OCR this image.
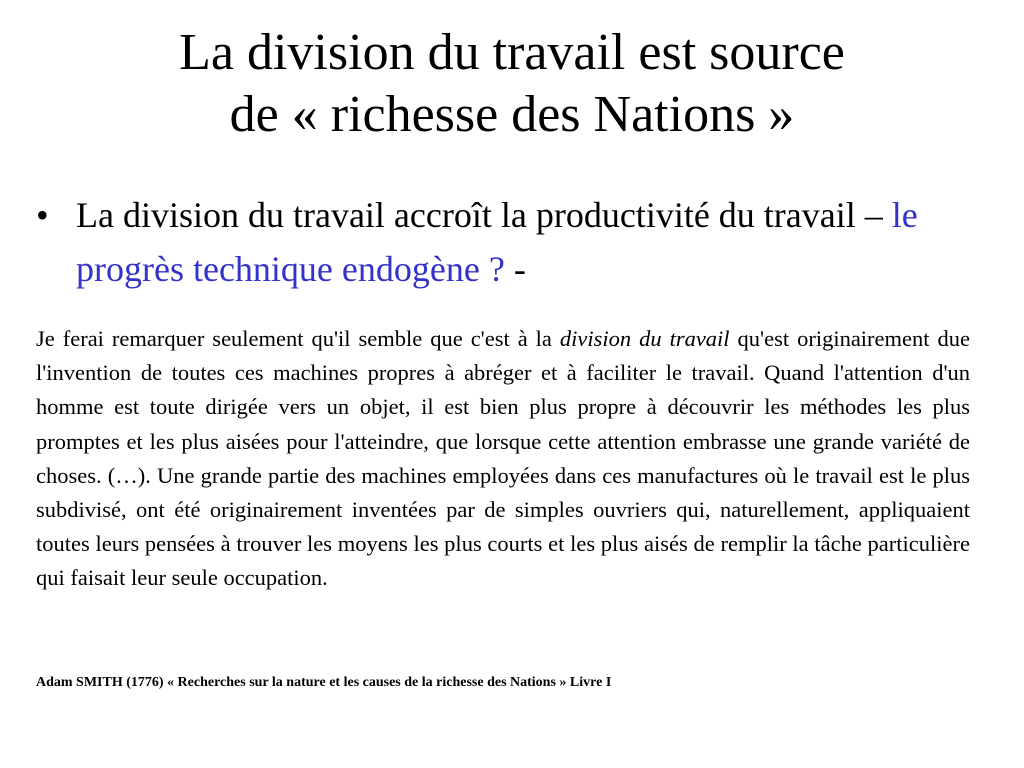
La division du travail est source
de « richesse des Nations »
• La division du travail accroît la productivité du travail – le progrès technique endogène ? -

Je ferai remarquer seulement qu'il semble que c'est à la division du travail qu'est originairement due l'invention de toutes ces machines propres à abréger et à faciliter le travail. Quand l'attention d'un homme est toute dirigée vers un objet, il est bien plus propre à découvrir les méthodes les plus promptes et les plus aisées pour l'atteindre, que lorsque cette attention embrasse une grande variété de choses. (…). Une grande partie des machines employées dans ces manufactures où le travail est le plus subdivisé, ont été originairement inventées par de simples ouvriers qui, naturellement, appliquaient toutes leurs pensées à trouver les moyens les plus courts et les plus aisés de remplir la tâche particulière qui faisait leur seule occupation.

Adam SMITH (1776) « Recherches sur la nature et les causes de la richesse des Nations » Livre I
